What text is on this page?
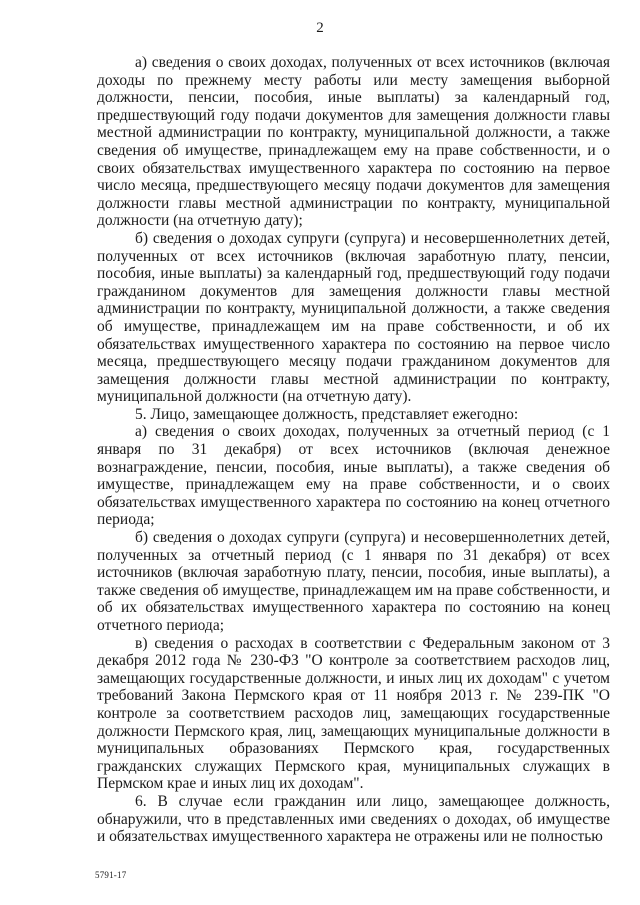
2

а) сведения о своих доходах, полученных от всех источников (включая доходы по прежнему месту работы или месту замещения выборной должности, пенсии, пособия, иные выплаты) за календарный год, предшествующий году подачи документов для замещения должности главы местной администрации по контракту, муниципальной должности, а также сведения об имуществе, принадлежащем ему на праве собственности, и о своих обязательствах имущественного характера по состоянию на первое число месяца, предшествующего месяцу подачи документов для замещения должности главы местной администрации по контракту, муниципальной должности (на отчетную дату);

б) сведения о доходах супруги (супруга) и несовершеннолетних детей, полученных от всех источников (включая заработную плату, пенсии, пособия, иные выплаты) за календарный год, предшествующий году подачи гражданином документов для замещения должности главы местной администрации по контракту, муниципальной должности, а также сведения об имуществе, принадлежащем им на праве собственности, и об их обязательствах имущественного характера по состоянию на первое число месяца, предшествующего месяцу подачи гражданином документов для замещения должности главы местной администрации по контракту, муниципальной должности (на отчетную дату).

5. Лицо, замещающее должность, представляет ежегодно:

а) сведения о своих доходах, полученных за отчетный период (с 1 января по 31 декабря) от всех источников (включая денежное вознаграждение, пенсии, пособия, иные выплаты), а также сведения об имуществе, принадлежащем ему на праве собственности, и о своих обязательствах имущественного характера по состоянию на конец отчетного периода;

б) сведения о доходах супруги (супруга) и несовершеннолетних детей, полученных за отчетный период (с 1 января по 31 декабря) от всех источников (включая заработную плату, пенсии, пособия, иные выплаты), а также сведения об имуществе, принадлежащем им на праве собственности, и об их обязательствах имущественного характера по состоянию на конец отчетного периода;

в) сведения о расходах в соответствии с Федеральным законом от 3 декабря 2012 года № 230-ФЗ "О контроле за соответствием расходов лиц, замещающих государственные должности, и иных лиц их доходам" с учетом требований Закона Пермского края от 11 ноября 2013 г. № 239-ПК "О контроле за соответствием расходов лиц, замещающих государственные должности Пермского края, лиц, замещающих муниципальные должности в муниципальных образованиях Пермского края, государственных гражданских служащих Пермского края, муниципальных служащих в Пермском крае и иных лиц их доходам".

6. В случае если гражданин или лицо, замещающее должность, обнаружили, что в представленных ими сведениях о доходах, об имуществе и обязательствах имущественного характера не отражены или не полностью

5791-17
